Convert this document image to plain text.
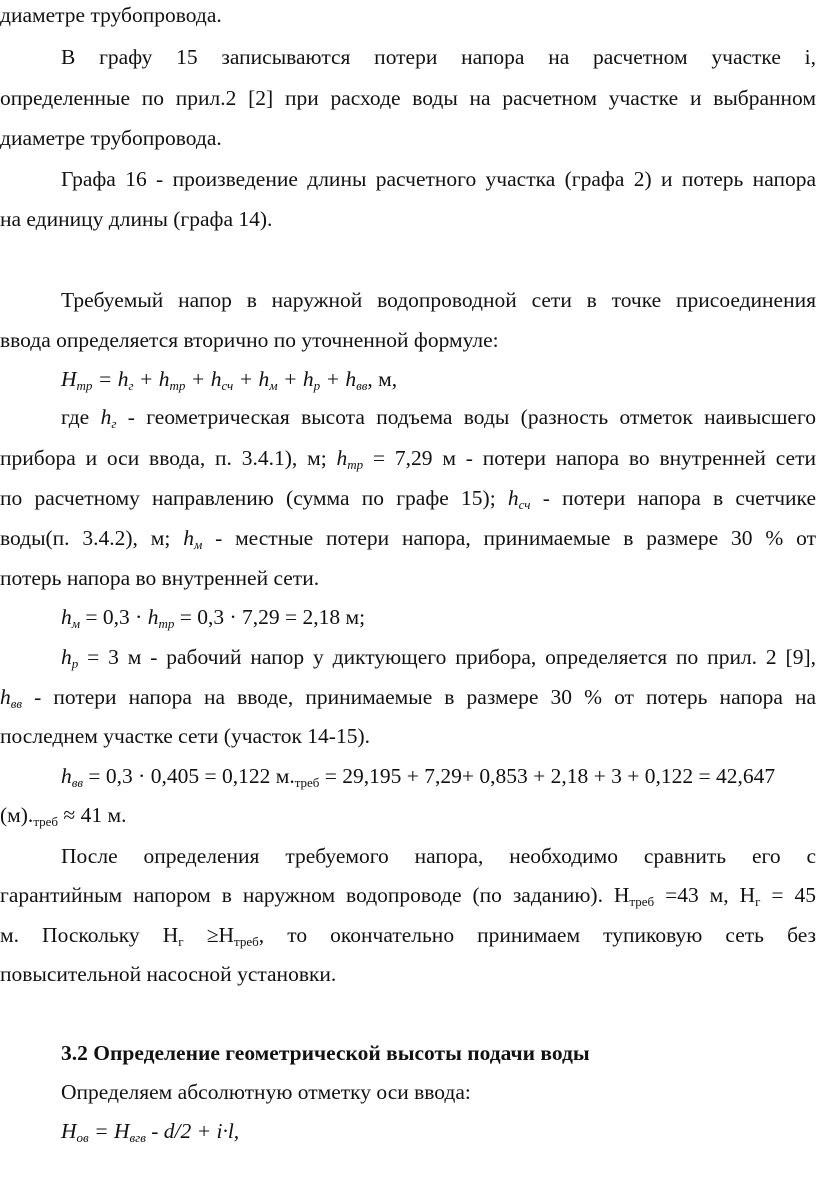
диаметре трубопровода.
В графу 15 записываются потери напора на расчетном участке i,
определенные по прил.2 [2] при расходе воды на расчетном участке и выбранном
диаметре трубопровода.
Графа 16 - произведение длины расчетного участка (графа 2) и потерь напора
на единицу длины (графа 14).
Требуемый напор в наружной водопроводной сети в точке присоединения
ввода определяется вторично по уточненной формуле:
$Н_{тр} = h_г + h_{тр} + h_{сч} + h_м + h_р + h_{вв}$, м,
где $h_г$ - геометрическая высота подъема воды (разность отметок наивысшего
прибора и оси ввода, п. 3.4.1), м; $h_{тр} = 7,29$ м - потери напора во внутренней сети
по расчетному направлению (сумма по графе 15); $h_{сч}$ - потери напора в счетчике
воды(п. 3.4.2), м; $h_м$ - местные потери напора, принимаемые в размере 30 % от
потерь напора во внутренней сети.
$h_м = 0,3 \cdot h_{тр} = 0,3 \cdot 7,29 = 2,18$ м;
$h_р = 3$ м - рабочий напор у диктующего прибора, определяется по прил. 2 [9],
$h_{вв}$ - потери напора на вводе, принимаемые в размере 30 % от потерь напора на
последнем участке сети (участок 14-15).
$h_{вв} = 0,3 \cdot 0,405 = 0,122$ $м._{треб} = 29,195 + 7,29+ 0,853 + 2,18 + 3 + 0,122 = 42,647$
$(м)._{треб} \approx 41$ м.
После определения требуемого напора, необходимо сравнить его с
гарантийным напором в наружном водопроводе (по заданию). $Н_{треб} =43$ м, $Н_г = 45$
м. Поскольку $Н_г \ge Н_{треб}$, то окончательно принимаем тупиковую сеть без
повысительной насосной установки.
3.2 Определение геометрической высоты подачи воды
Определяем абсолютную отметку оси ввода:
$Н_{ов} = Н_{вгв} - d/2 + i\cdot l$,
